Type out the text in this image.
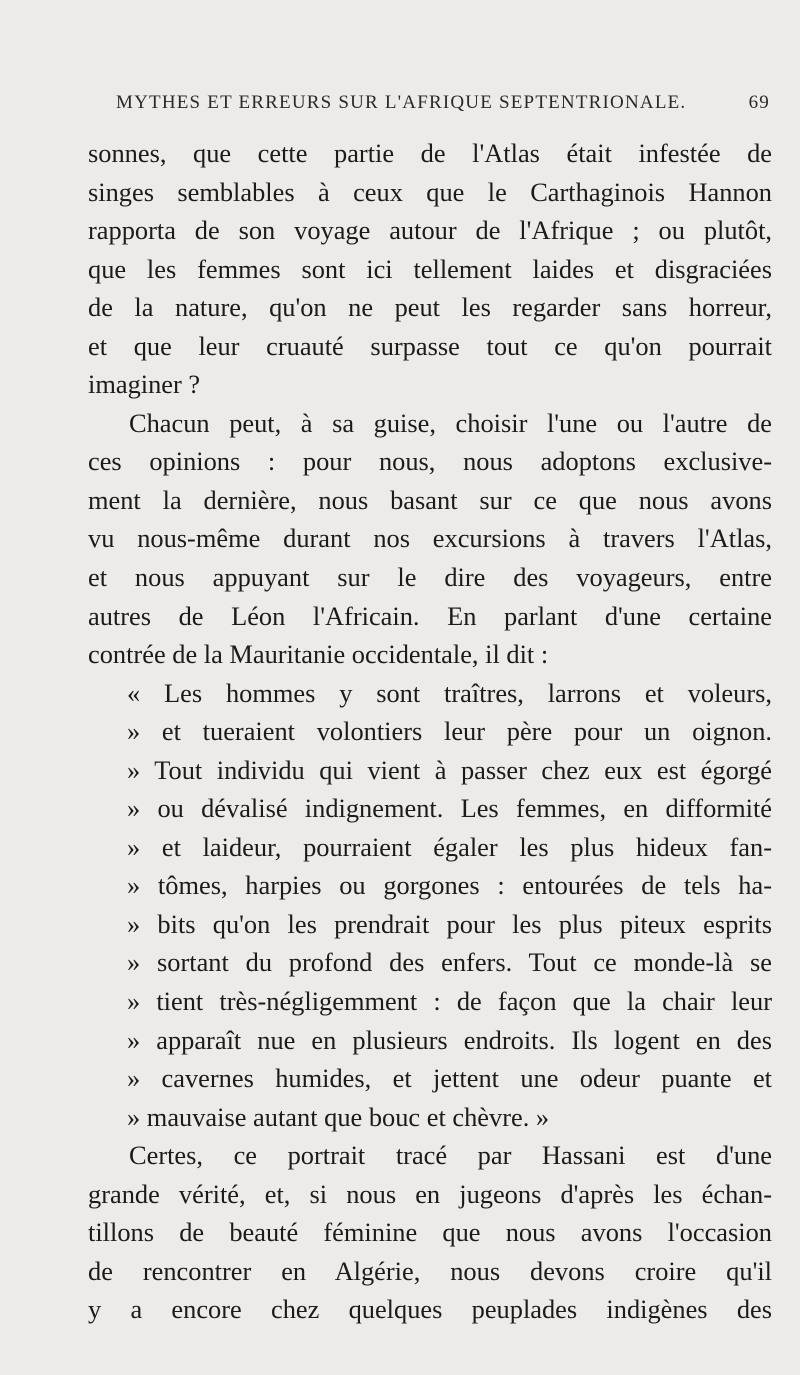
MYTHES ET ERREURS SUR L'AFRIQUE SEPTENTRIONALE.	69
sonnes, que cette partie de l'Atlas était infestée de
singes semblables à ceux que le Carthaginois Hannon
rapporta de son voyage autour de l'Afrique ; ou plutôt,
que les femmes sont ici tellement laides et disgraciées
de la nature, qu'on ne peut les regarder sans horreur,
et que leur cruauté surpasse tout ce qu'on pourrait
imaginer ?
Chacun peut, à sa guise, choisir l'une ou l'autre de
ces opinions : pour nous, nous adoptons exclusive-
ment la dernière, nous basant sur ce que nous avons
vu nous-même durant nos excursions à travers l'Atlas,
et nous appuyant sur le dire des voyageurs, entre
autres de Léon l'Africain. En parlant d'une certaine
contrée de la Mauritanie occidentale, il dit :
« Les hommes y sont traîtres, larrons et voleurs,
» et tueraient volontiers leur père pour un oignon.
» Tout individu qui vient à passer chez eux est égorgé
» ou dévalisé indignement. Les femmes, en difformité
» et laideur, pourraient égaler les plus hideux fan-
» tômes, harpies ou gorgones : entourées de tels ha-
» bits qu'on les prendrait pour les plus piteux esprits
» sortant du profond des enfers. Tout ce monde-là se
» tient très-négligemment : de façon que la chair leur
» apparaît nue en plusieurs endroits. Ils logent en des
» cavernes humides, et jettent une odeur puante et
» mauvaise autant que bouc et chèvre. »
Certes, ce portrait tracé par Hassani est d'une
grande vérité, et, si nous en jugeons d'après les échan-
tillons de beauté féminine que nous avons l'occasion
de rencontrer en Algérie, nous devons croire qu'il
y a encore chez quelques peuplades indigènes des
